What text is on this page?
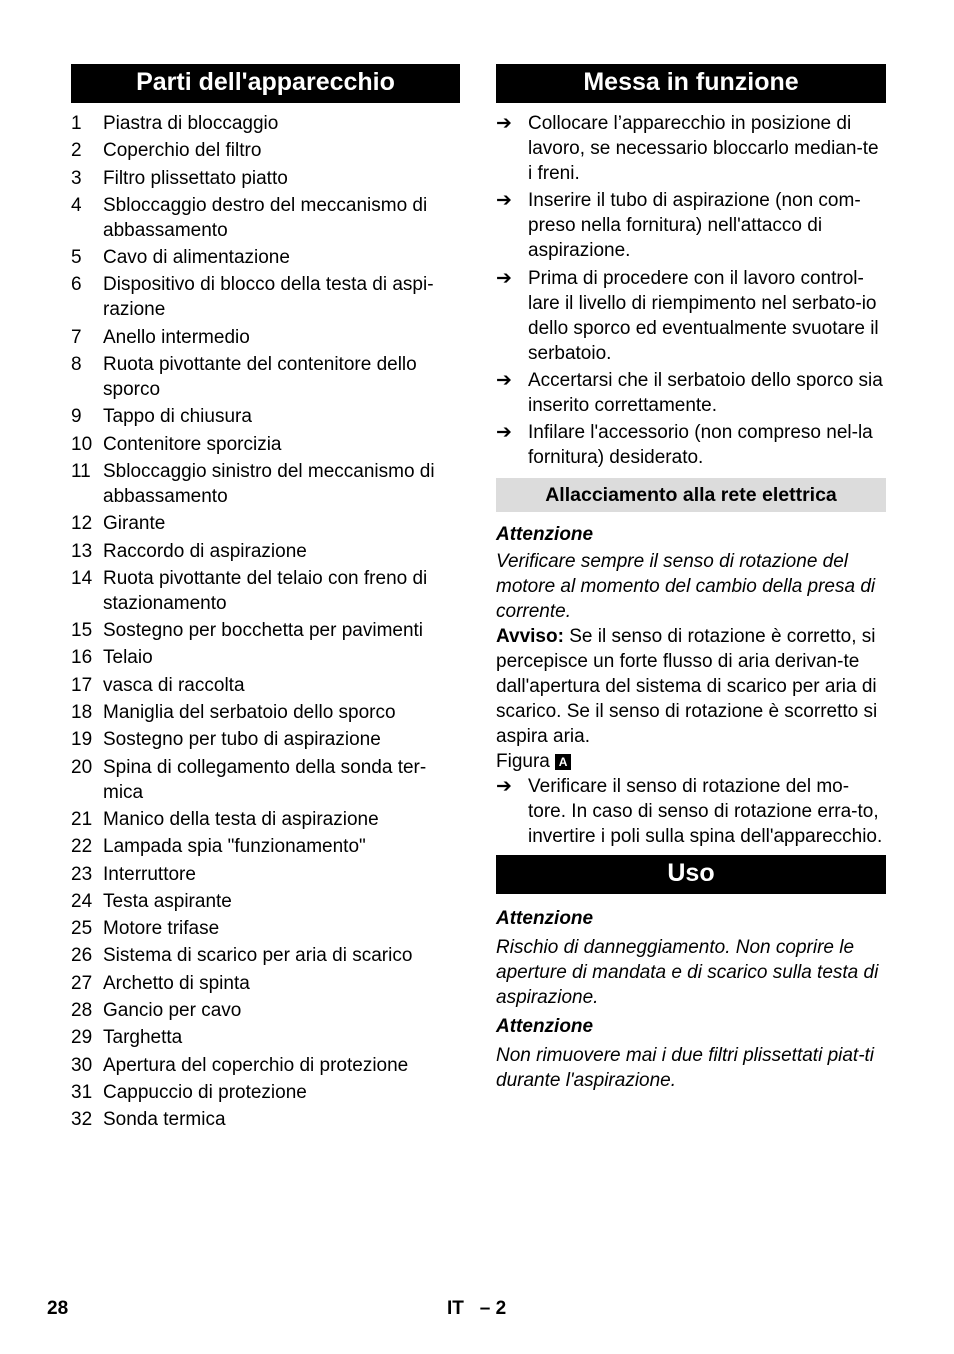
Parti dell'apparecchio
1	Piastra di bloccaggio
2	Coperchio del filtro
3	Filtro plissettato piatto
4	Sbloccaggio destro del meccanismo di abbassamento
5	Cavo di alimentazione
6	Dispositivo di blocco della testa di aspi-razione
7	Anello intermedio
8	Ruota pivottante del contenitore dello sporco
9	Tappo di chiusura
10 Contenitore sporcizia
11 Sbloccaggio sinistro del meccanismo di abbassamento
12 Girante
13 Raccordo di aspirazione
14 Ruota pivottante del telaio con freno di stazionamento
15 Sostegno per bocchetta per pavimenti
16 Telaio
17 vasca di raccolta
18 Maniglia del serbatoio dello sporco
19 Sostegno per tubo di aspirazione
20 Spina di collegamento della sonda ter-mica
21 Manico della testa di aspirazione
22 Lampada spia "funzionamento"
23 Interruttore
24 Testa aspirante
25 Motore trifase
26 Sistema di scarico per aria di scarico
27 Archetto di spinta
28 Gancio per cavo
29 Targhetta
30 Apertura del coperchio di protezione
31 Cappuccio di protezione
32 Sonda termica
Messa in funzione
➔ Collocare l’apparecchio in posizione di lavoro, se necessario bloccarlo median-te i freni.
➔ Inserire il tubo di aspirazione (non com-preso nella fornitura) nell'attacco di aspirazione.
➔ Prima di procedere con il lavoro control-lare il livello di riempimento nel serbato-io dello sporco ed eventualmente svuotare il serbatoio.
➔ Accertarsi che il serbatoio dello sporco sia inserito correttamente.
➔ Infilare l'accessorio (non compreso nel-la fornitura) desiderato.
Allacciamento alla rete elettrica
Attenzione
Verificare sempre il senso di rotazione del motore al momento del cambio della presa di corrente.
Avviso: Se il senso di rotazione è corretto, si percepisce un forte flusso di aria derivan-te dall'apertura del sistema di scarico per aria di scarico. Se il senso di rotazione è scorretto si aspira aria.
Figura A
➔ Verificare il senso di rotazione del mo-tore. In caso di senso di rotazione erra-to, invertire i poli sulla spina dell'apparecchio.
Uso
Attenzione
Rischio di danneggiamento. Non coprire le aperture di mandata e di scarico sulla testa di aspirazione.
Attenzione
Non rimuovere mai i due filtri plissettati piat-ti durante l'aspirazione.
28	IT   – 2
